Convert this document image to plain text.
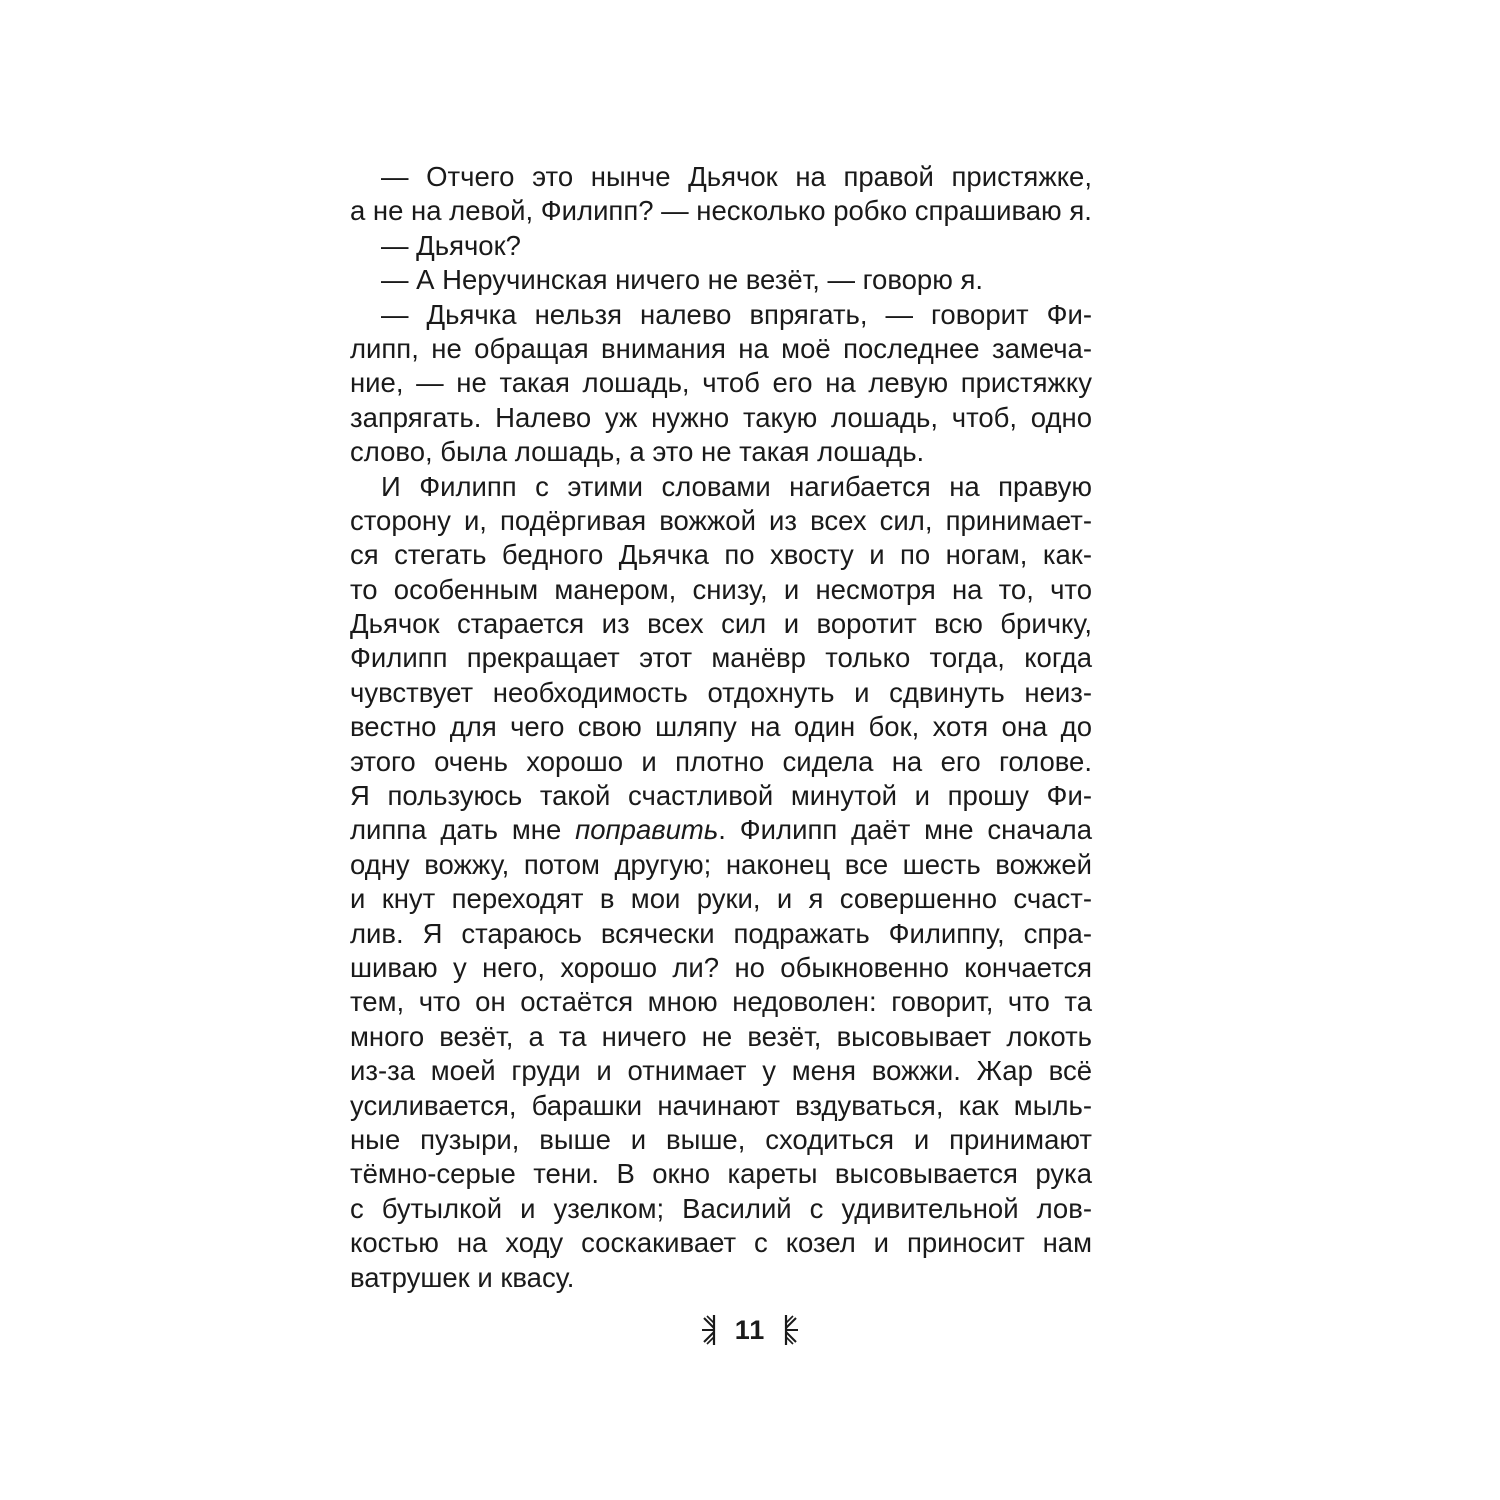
— Отчего это нынче Дьячок на правой пристяжке,
а не на левой, Филипп? — несколько робко спрашиваю я.
— Дьячок?
— А Неручинская ничего не везёт, — говорю я.
— Дьячка нельзя налево впрягать, — говорит Фи-
липп, не обращая внимания на моё последнее замеча-
ние, — не такая лошадь, чтоб его на левую пристяжку
запрягать. Налево уж нужно такую лошадь, чтоб, одно
слово, была лошадь, а это не такая лошадь.
И Филипп с этими словами нагибается на правую
сторону и, подёргивая вожжой из всех сил, принимает-
ся стегать бедного Дьячка по хвосту и по ногам, как-
то особенным манером, снизу, и несмотря на то, что
Дьячок старается из всех сил и воротит всю бричку,
Филипп прекращает этот манёвр только тогда, когда
чувствует необходимость отдохнуть и сдвинуть неиз-
вестно для чего свою шляпу на один бок, хотя она до
этого очень хорошо и плотно сидела на его голове.
Я пользуюсь такой счастливой минутой и прошу Фи-
липпа дать мне поправить. Филипп даёт мне сначала
одну вожжу, потом другую; наконец все шесть вожжей
и кнут переходят в мои руки, и я совершенно счаст-
лив. Я стараюсь всячески подражать Филиппу, спра-
шиваю у него, хорошо ли? но обыкновенно кончается
тем, что он остаётся мною недоволен: говорит, что та
много везёт, а та ничего не везёт, высовывает локоть
из-за моей груди и отнимает у меня вожжи. Жар всё
усиливается, барашки начинают вздуваться, как мыль-
ные пузыри, выше и выше, сходиться и принимают
тёмно-серые тени. В окно кареты высовывается рука
с бутылкой и узелком; Василий с удивительной лов-
костью на ходу соскакивает с козел и приносит нам
ватрушек и квасу.
11
